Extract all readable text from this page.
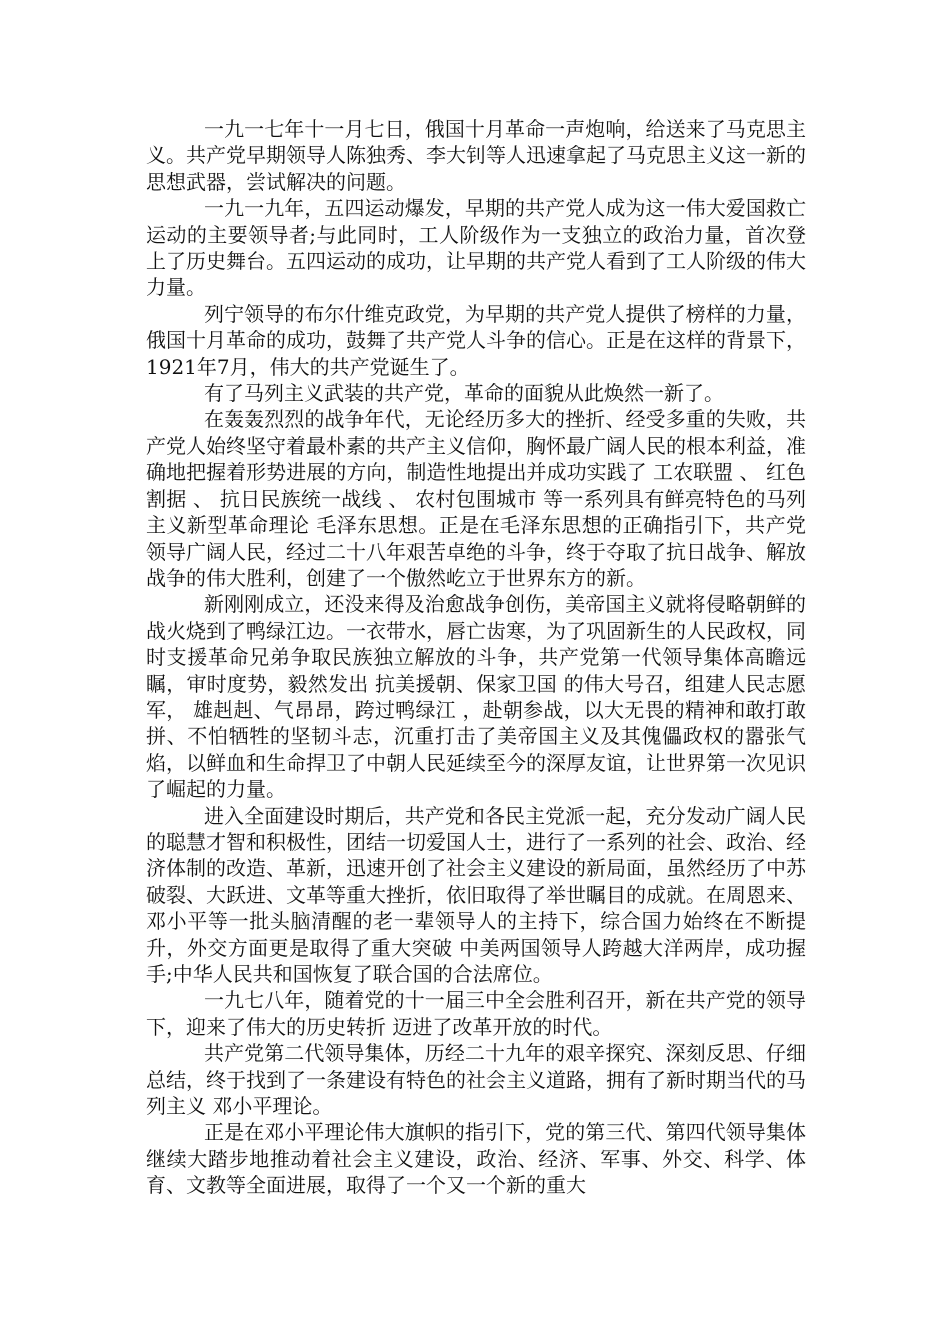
一九一七年十一月七日，俄国十月革命一声炮响，给送来了马克思主义。共产党早期领导人陈独秀、李大钊等人迅速拿起了马克思主义这一新的思想武器，尝试解决的问题。

一九一九年，五四运动爆发，早期的共产党人成为这一伟大爱国救亡运动的主要领导者;与此同时，工人阶级作为一支独立的政治力量，首次登上了历史舞台。五四运动的成功，让早期的共产党人看到了工人阶级的伟大力量。

列宁领导的布尔什维克政党，为早期的共产党人提供了榜样的力量，俄国十月革命的成功，鼓舞了共产党人斗争的信心。正是在这样的背景下，1921年7月，伟大的共产党诞生了。

有了马列主义武装的共产党，革命的面貌从此焕然一新了。

在轰轰烈烈的战争年代，无论经历多大的挫折、经受多重的失败，共产党人始终坚守着最朴素的共产主义信仰，胸怀最广阔人民的根本利益，准确地把握着形势进展的方向，制造性地提出并成功实践了 工农联盟 、 红色割据 、 抗日民族统一战线 、 农村包围城市 等一系列具有鲜亮特色的马列主义新型革命理论 毛泽东思想。正是在毛泽东思想的正确指引下，共产党领导广阔人民，经过二十八年艰苦卓绝的斗争，终于夺取了抗日战争、解放战争的伟大胜利，创建了一个傲然屹立于世界东方的新。

新刚刚成立，还没来得及治愈战争创伤，美帝国主义就将侵略朝鲜的战火烧到了鸭绿江边。一衣带水，唇亡齿寒，为了巩固新生的人民政权，同时支援革命兄弟争取民族独立解放的斗争，共产党第一代领导集体高瞻远瞩，审时度势，毅然发出 抗美援朝、保家卫国 的伟大号召，组建人民志愿军， 雄赳赳、气昂昂，跨过鸭绿江 ，赴朝参战，以大无畏的精神和敢打敢拼、不怕牺牲的坚韧斗志，沉重打击了美帝国主义及其傀儡政权的嚣张气焰，以鲜血和生命捍卫了中朝人民延续至今的深厚友谊，让世界第一次见识了崛起的力量。

进入全面建设时期后，共产党和各民主党派一起，充分发动广阔人民的聪慧才智和积极性，团结一切爱国人士，进行了一系列的社会、政治、经济体制的改造、革新，迅速开创了社会主义建设的新局面，虽然经历了中苏破裂、大跃进、文革等重大挫折，依旧取得了举世瞩目的成就。在周恩来、邓小平等一批头脑清醒的老一辈领导人的主持下，综合国力始终在不断提升，外交方面更是取得了重大突破 中美两国领导人跨越大洋两岸，成功握手;中华人民共和国恢复了联合国的合法席位。

一九七八年，随着党的十一届三中全会胜利召开，新在共产党的领导下，迎来了伟大的历史转折 迈进了改革开放的时代。

共产党第二代领导集体，历经二十九年的艰辛探究、深刻反思、仔细总结，终于找到了一条建设有特色的社会主义道路，拥有了新时期当代的马列主义 邓小平理论。

正是在邓小平理论伟大旗帜的指引下，党的第三代、第四代领导集体继续大踏步地推动着社会主义建设，政治、经济、军事、外交、科学、体育、文教等全面进展，取得了一个又一个新的重大
